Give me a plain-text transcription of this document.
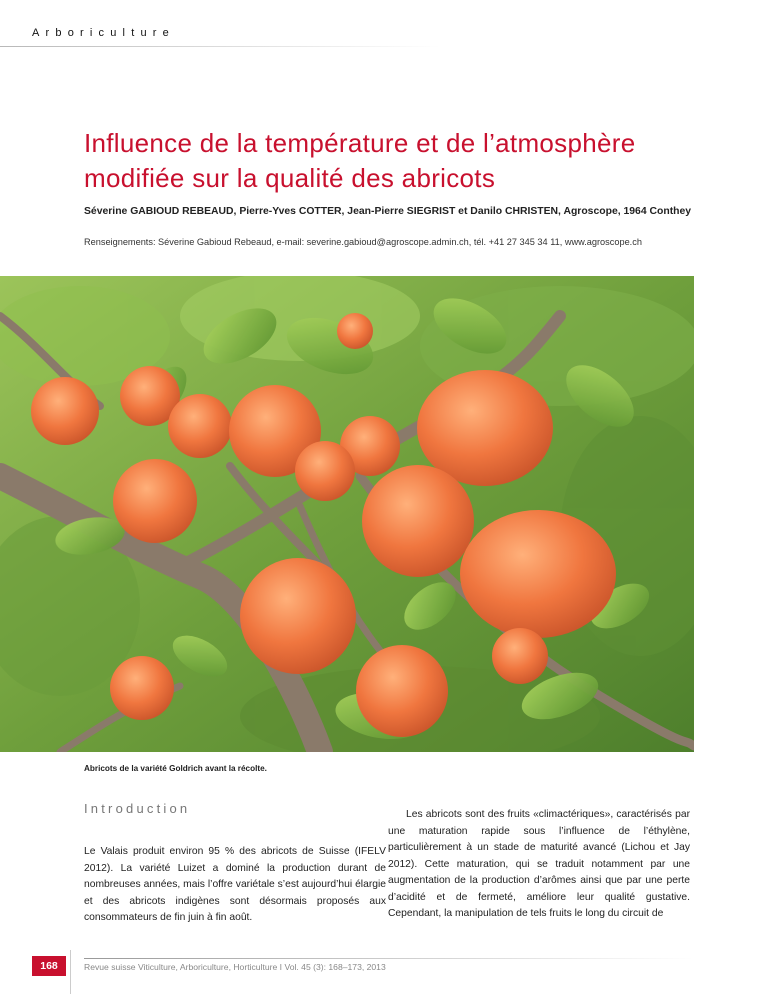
Arboriculture
Influence de la température et de l’atmosphère modifiée sur la qualité des abricots
Séverine GABIOUD REBEAUD, Pierre-Yves COTTER, Jean-Pierre SIEGRIST et Danilo CHRISTEN, Agroscope, 1964 Conthey
Renseignements: Séverine Gabioud Rebeaud, e-mail: severine.gabioud@agroscope.admin.ch, tél. +41 27 345 34 11, www.agroscope.ch
Abricots de la variété Goldrich avant la récolte.
Introduction
Le Valais produit environ 95 % des abricots de Suisse (IFELV 2012). La variété Luizet a dominé la production durant de nombreuses années, mais l’offre variétale s’est aujourd’hui élargie et des abricots indigènes sont désormais proposés aux consommateurs de fin juin à fin août.
Les abricots sont des fruits «climactériques», caractérisés par une maturation rapide sous l’influence de l’éthylène, particulièrement à un stade de maturité avancé (Lichou et Jay 2012). Cette maturation, qui se traduit notamment par une augmentation de la production d’arômes ainsi que par une perte d’acidité et de fermeté, améliore leur qualité gustative. Cependant, la manipulation de tels fruits le long du circuit de
168	Revue suisse Viticulture, Arboriculture, Horticulture I Vol. 45 (3): 168–173, 2013
